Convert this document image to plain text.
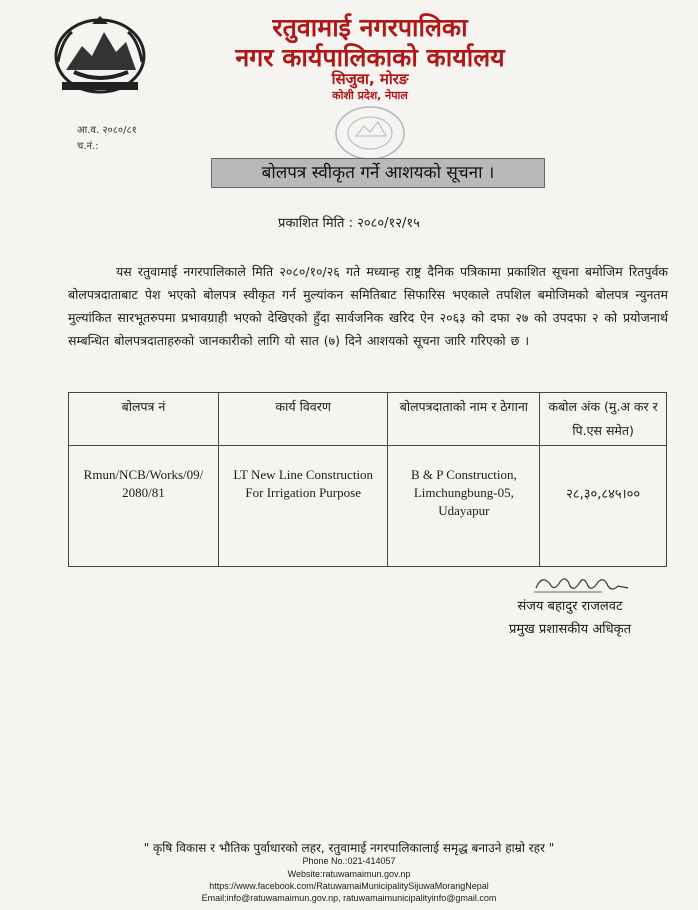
रतुवामाई नगरपालिका
नगर कार्यपालिकाको कार्यालय
सिजुवा, मोरङ
कोशी प्रदेश, नेपाल
आ.व. २०८०/८१
च.नं.:
बोलपत्र स्वीकृत गर्ने आशयको सूचना ।
प्रकाशित मिति : २०८०/१२/१५
यस रतुवामाई नगरपालिकाले मिति २०८०/१०/२६ गते मध्यान्ह राष्ट्र दैनिक पत्रिकामा प्रकाशित सूचना बमोजिम रितपुर्वक बोलपत्रदाताबाट पेश भएको बोलपत्र स्वीकृत गर्न मुल्यांकन समितिबाट सिफारिस भएकाले तपशिल बमोजिमको बोलपत्र न्युनतम मुल्यांकित सारभूतरुपमा प्रभावग्राही भएको देखिएको हुँदा सार्वजनिक खरिद ऐन २०६३ को दफा २७ को उपदफा २ को प्रयोजनार्थ सम्बन्धित बोलपत्रदाताहरुको जानकारीको लागि यो सात (७) दिने आशयको सूचना जारि गरिएको छ ।
बोलपत्र नं	कार्य विवरण	बोलपत्रदाताको नाम र ठेगाना	कबोल अंक (मु.अ कर र पि.एस समेत)
Rmun/NCB/Works/09/ 2080/81	LT New Line Construction For Irrigation Purpose	B & P Construction, Limchungbung-05, Udayapur	२८,३०,८४५।००
संजय बहादुर राजलवट
प्रमुख प्रशासकीय अधिकृत
" कृषि विकास र भौतिक पुर्वाधारको लहर, रतुवामाई नगरपालिकालाई समृद्ध बनाउने हाम्रो रहर "
Phone No.:021-414057
Website:ratuwamaimun.gov.np
https://www.facebook.com/RatuwamaiMunicipalitySijuwaMorangNepal
Email:info@ratuwamaimun.gov.np, ratuwamaimunicipalityinfo@gmail.com
